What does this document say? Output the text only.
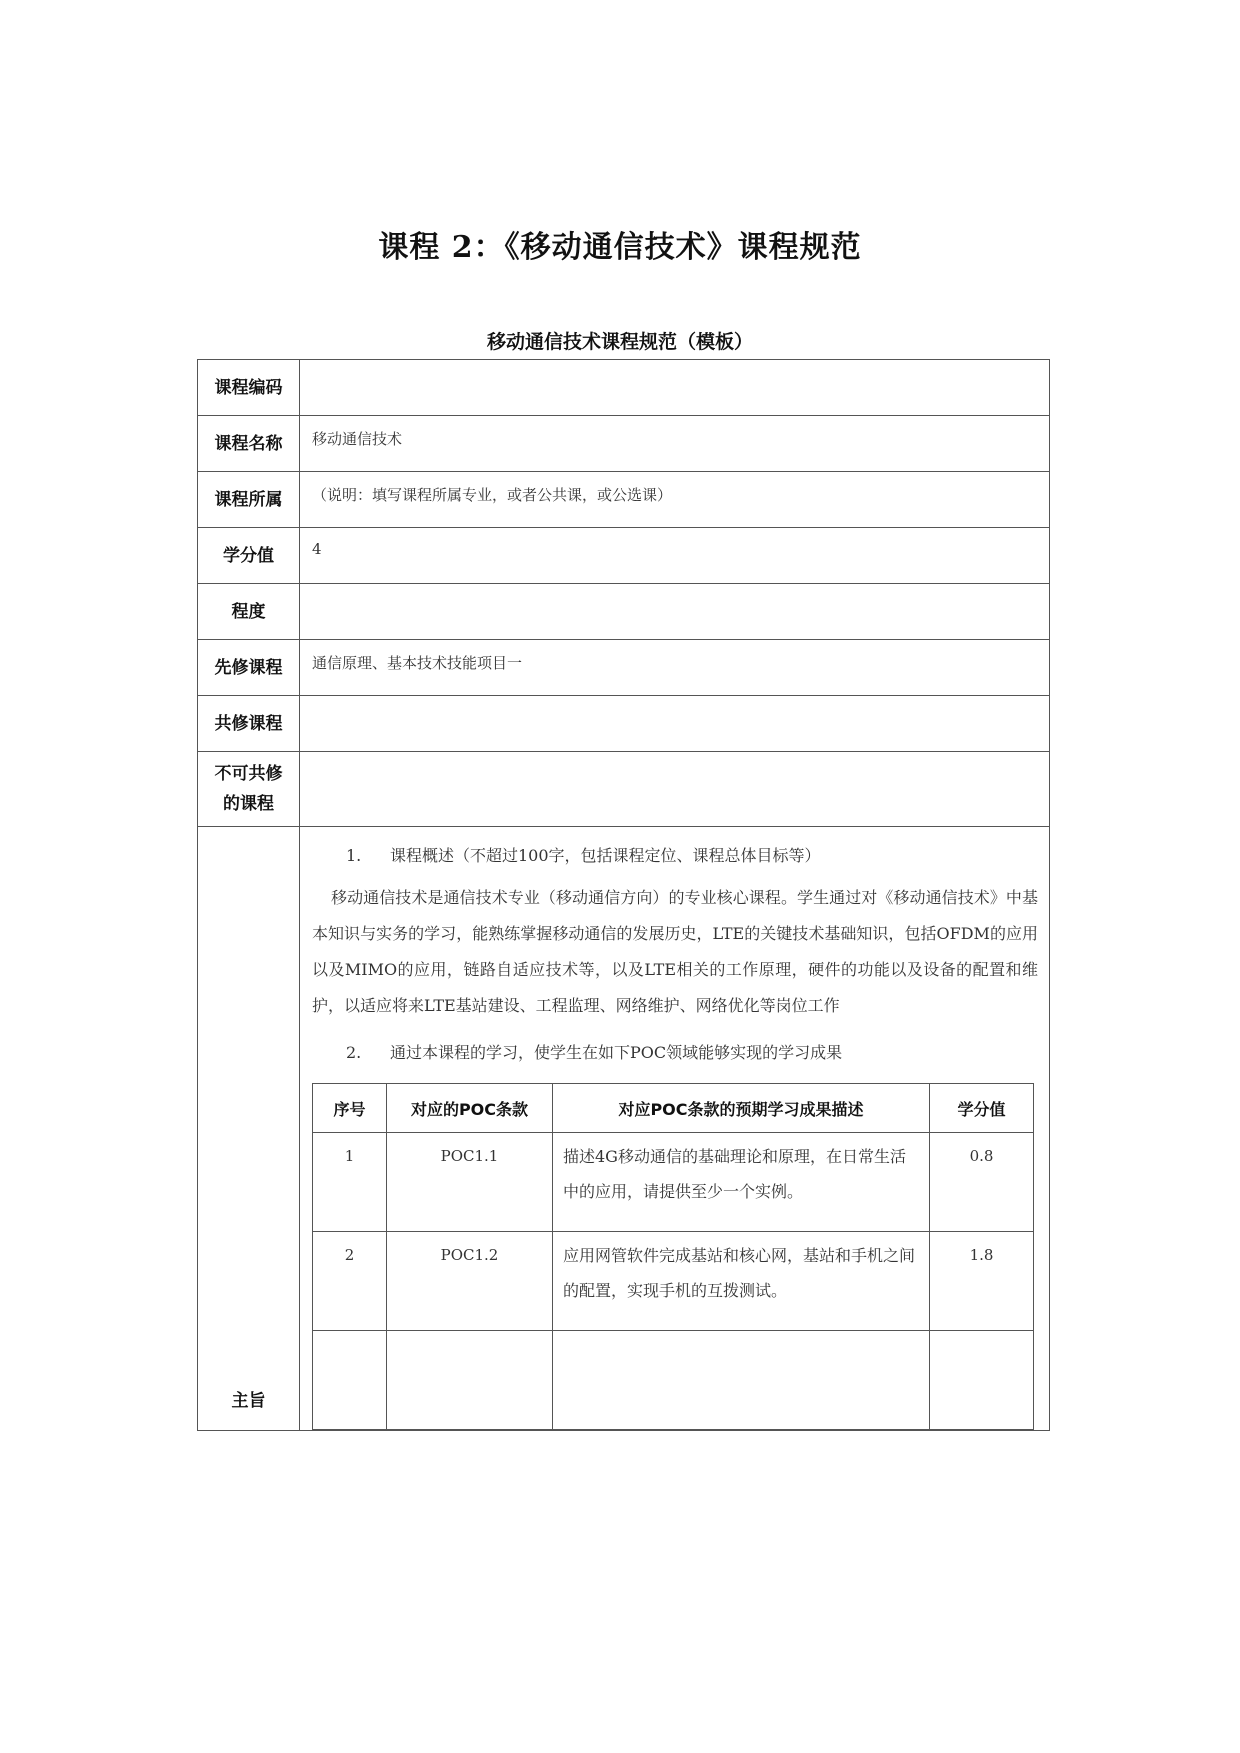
课程 2：《移动通信技术》课程规范
移动通信技术课程规范（模板）
课程编码	
课程名称	移动通信技术
课程所属	（说明：填写课程所属专业，或者公共课，或公选课）
学分值	4
程度	
先修课程	通信原理、基本技术技能项目一
共修课程	

不可共修
的课程

主旨	
1. 课程概述（不超过100字，包括课程定位、课程总体目标等）

移动通信技术是通信技术专业（移动通信方向）的专业核心课程。学生通过对《移动通信技术》中基本知识与实务的学习，能熟练掌握移动通信的发展历史，LTE的关键技术基础知识，包括OFDM的应用以及MIMO的应用，链路自适应技术等，以及LTE相关的工作原理，硬件的功能以及设备的配置和维护，以适应将来LTE基站建设、工程监理、网络维护、网络优化等岗位工作

2. 通过本课程的学习，使学生在如下POC领域能够实现的学习成果
序号	对应的POC条款	对应POC条款的预期学习成果描述	学分值
1	POC1.1	描述4G移动通信的基础理论和原理，在日常生活中的应用，请提供至少一个实例。	0.8
2	POC1.2	应用网管软件完成基站和核心网，基站和手机之间的配置，实现手机的互拨测试。	1.8
